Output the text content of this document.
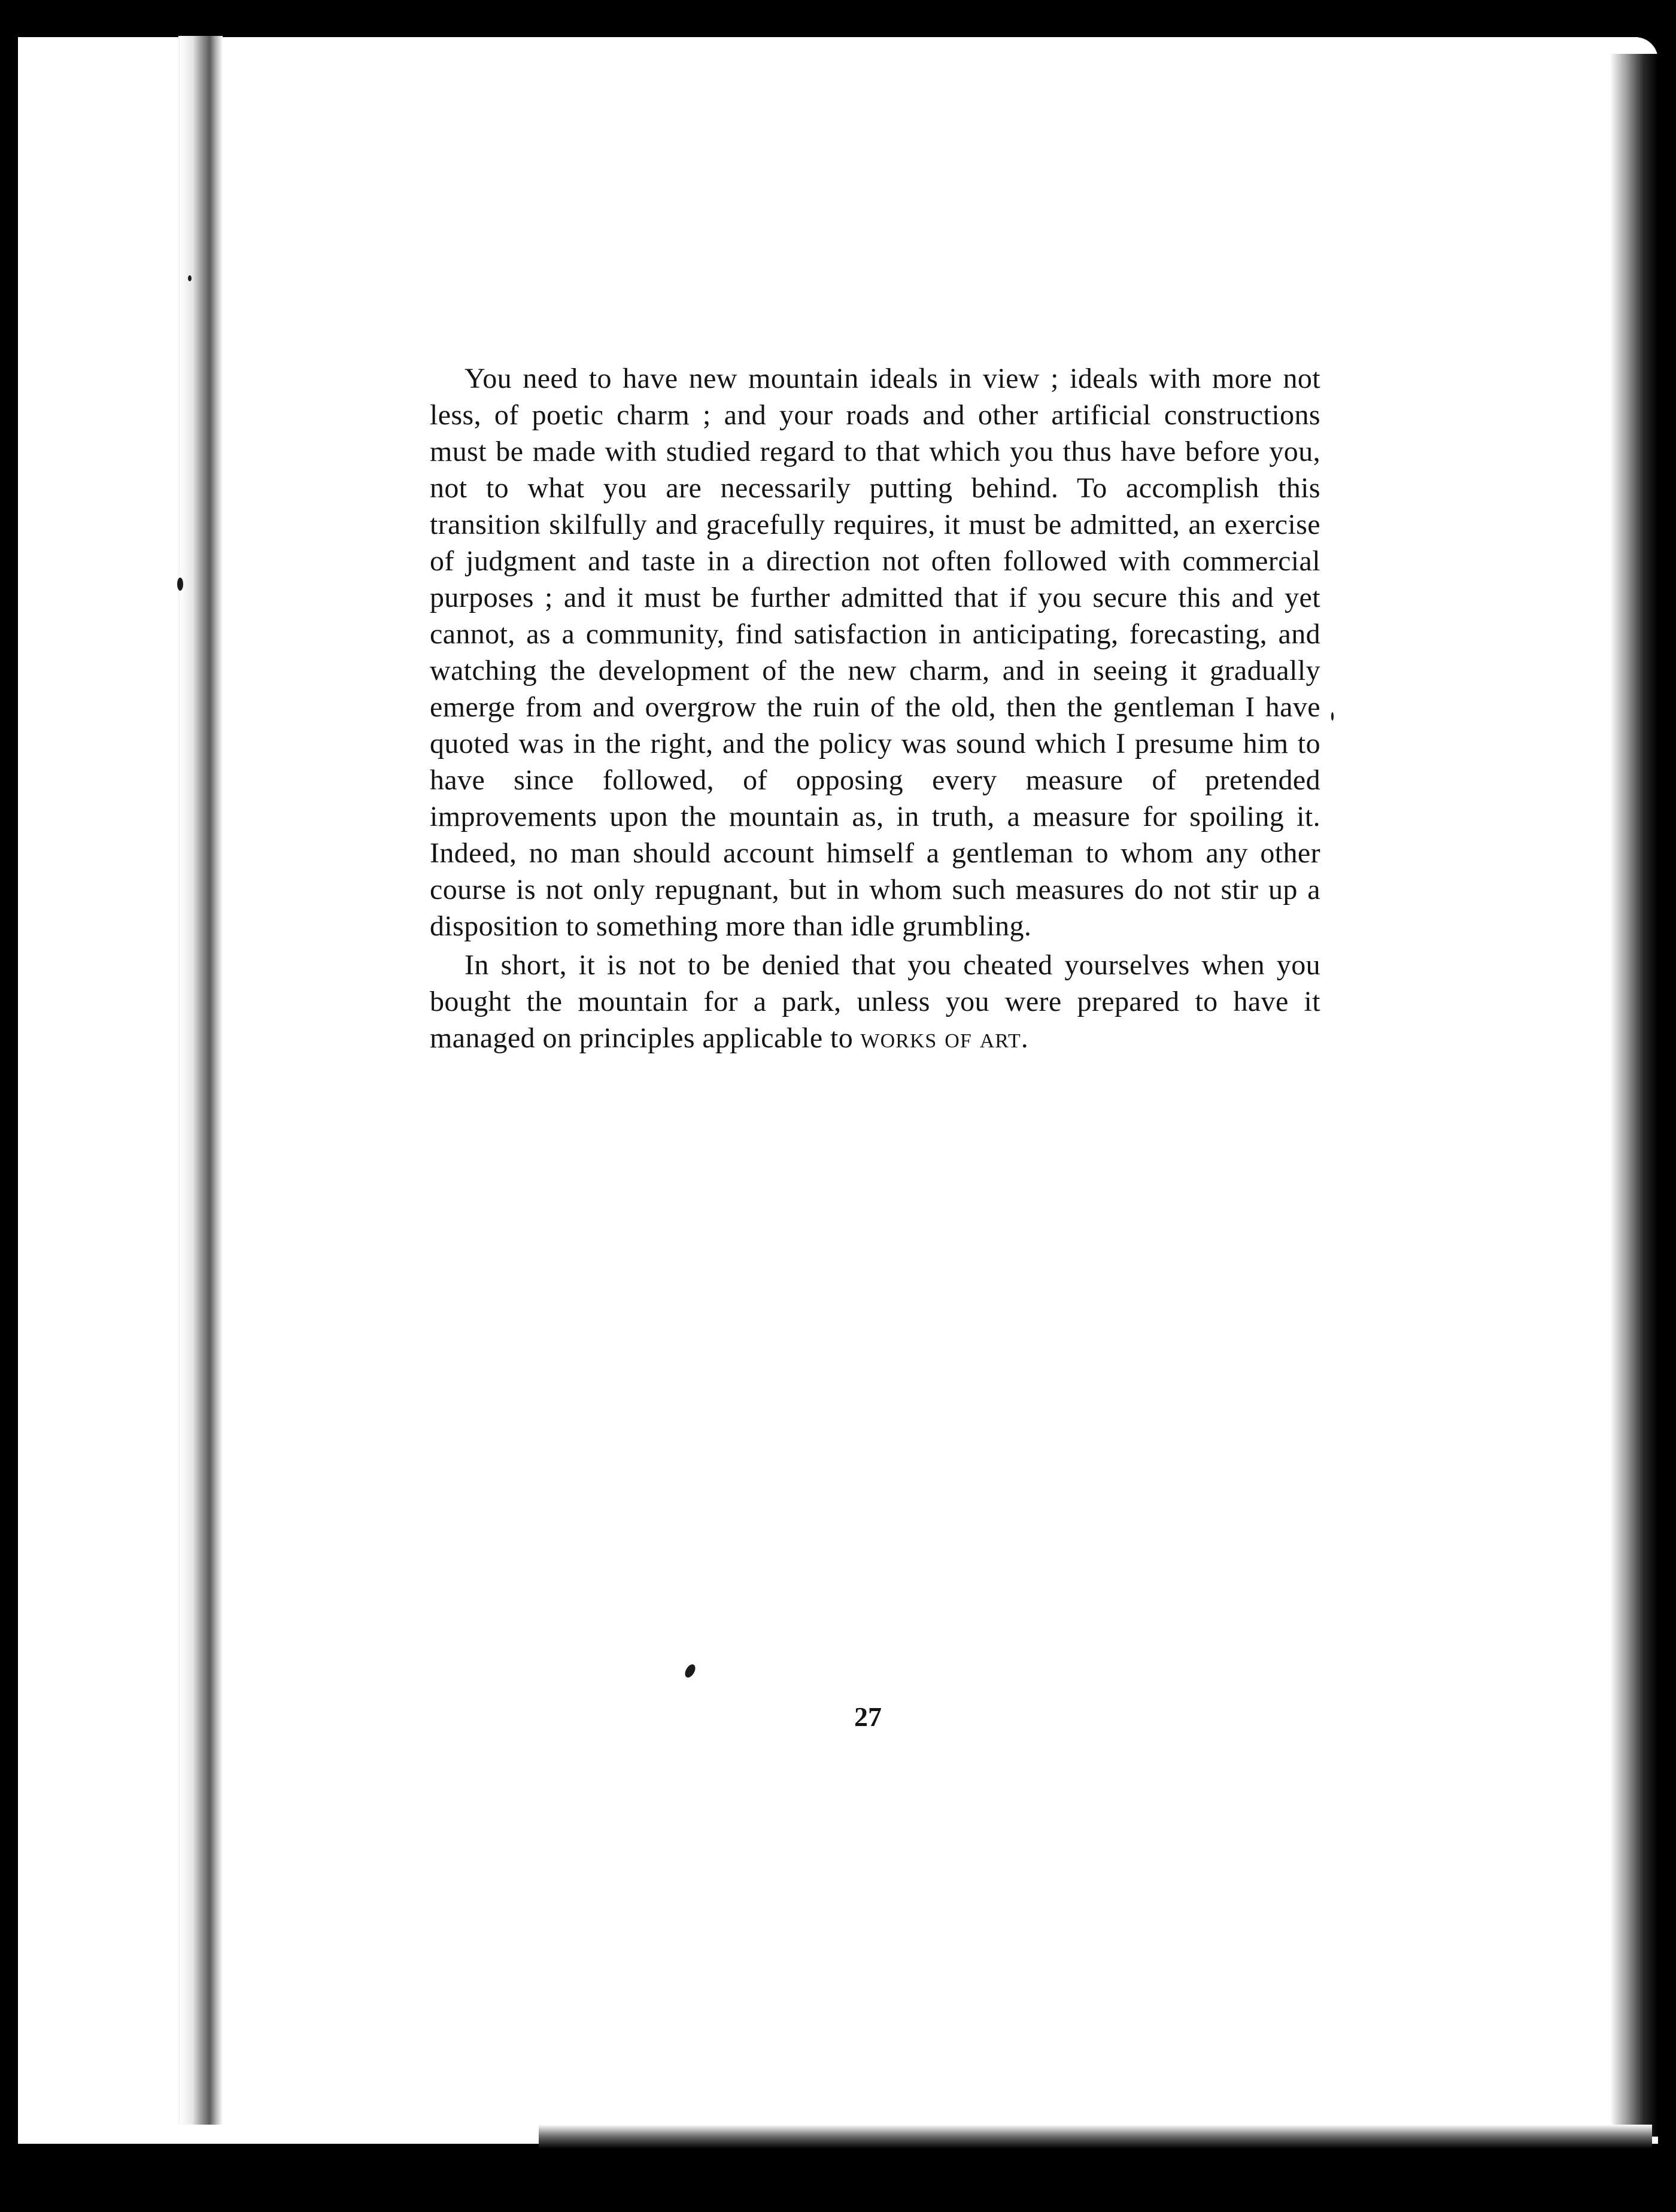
You need to have new mountain ideals in view ; ideals with more not less, of poetic charm ; and your roads and other artificial constructions must be made with studied regard to that which you thus have before you, not to what you are necessarily putting behind. To accomplish this transition skilfully and gracefully requires, it must be admitted, an exercise of judgment and taste in a direction not often followed with commercial purposes ; and it must be further admitted that if you secure this and yet cannot, as a community, find satisfaction in anticipating, forecasting, and watching the development of the new charm, and in seeing it gradually emerge from and overgrow the ruin of the old, then the gentleman I have quoted was in the right, and the policy was sound which I presume him to have since followed, of opposing every measure of pretended improvements upon the mountain as, in truth, a measure for spoiling it. Indeed, no man should account himself a gentleman to whom any other course is not only repugnant, but in whom such measures do not stir up a disposition to something more than idle grumbling.

In short, it is not to be denied that you cheated yourselves when you bought the mountain for a park, unless you were prepared to have it managed on principles applicable to works of art.

27
